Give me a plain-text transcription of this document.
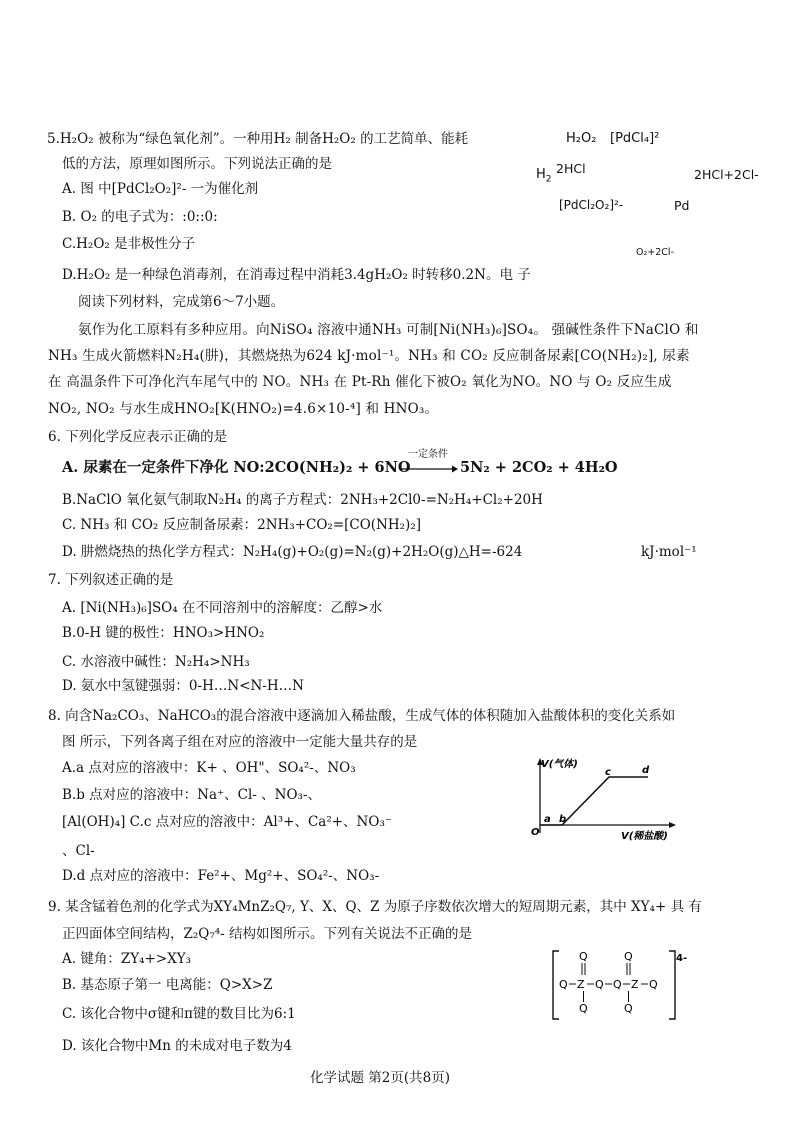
5.H₂O₂ 被称为“绿色氧化剂”。一种用H₂ 制备H₂O₂ 的工艺简单、能耗
低的方法，原理如图所示。下列说法正确的是
A. 图 中[PdCl₂O₂]²- 一为催化剂
B. O₂ 的电子式为：:0::0:
C.H₂O₂ 是非极性分子
D.H₂O₂ 是一种绿色消毒剂，在消毒过程中消耗3.4gH₂O₂ 时转移0.2N。电 子
H₂O₂ [PdCl₄]²
$H_2$
2HCl	2HCl+2Cl-
[PdCl₂O₂]²-	Pd
O₂+2Cl-
阅读下列材料，完成第6～7小题。
氨作为化工原料有多种应用。向NiSO₄ 溶液中通NH₃ 可制[Ni(NH₃)₆]SO₄。 强碱性条件下NaClO 和
NH₃ 生成火箭燃料N₂H₄(肼)，其燃烧热为624 kJ·mol⁻¹。NH₃ 和 CO₂ 反应制备尿素[CO(NH₂)₂], 尿素
在 高温条件下可净化汽车尾气中的 NO。NH₃ 在 Pt-Rh 催化下被O₂ 氧化为NO。NO 与 O₂ 反应生成
NO₂, NO₂ 与水生成HNO₂[K(HNO₂)=4.6×10-⁴] 和 HNO₃。
6. 下列化学反应表示正确的是
A. 尿素在一定条件下净化 NO:2CO(NH₂)₂ + 6NO
一定条件
5N₂ + 2CO₂ + 4H₂O
B.NaClO 氧化氨气制取N₂H₄ 的离子方程式：2NH₃+2Cl0-=N₂H₄+Cl₂+20H
C. NH₃ 和 CO₂ 反应制备尿素：2NH₃+CO₂=[CO(NH₂)₂]
D. 肼燃烧热的热化学方程式：N₂H₄(g)+O₂(g)=N₂(g)+2H₂O(g)△H=-624	kJ·mol⁻¹
7. 下列叙述正确的是
A. [Ni(NH₃)₆]SO₄ 在不同溶剂中的溶解度：乙醇>水
B.0-H 键的极性：HNO₃>HNO₂
C. 水溶液中碱性：N₂H₄>NH₃
D. 氨水中氢键强弱：0-H…N<N-H…N
8. 向含Na₂CO₃、NaHCO₃的混合溶液中逐滴加入稀盐酸，生成气体的体积随加入盐酸体积的变化关系如
图 所示，下列各离子组在对应的溶液中一定能大量共存的是
A.a 点对应的溶液中：K+ 、OH"、SO₄²-、NO₃
B.b 点对应的溶液中：Na⁺、Cl- 、NO₃-、
[Al(OH)₄] C.c 点对应的溶液中：Al³+、Ca²+、NO₃⁻
、Cl-
D.d 点对应的溶液中：Fe²+、Mg²+、SO₄²-、NO₃-
V(气体)
V(稀盐酸)
O
a b
c	d
9. 某含锰着色剂的化学式为XY₄MnZ₂Q₇, Y、X、Q、Z 为原子序数依次增大的短周期元素，其中 XY₄+ 具 有
正四面体空间结构，Z₂Q₇⁴- 结构如图所示。下列有关说法不正确的是
A. 键角：ZY₄+>XY₃
B. 基态原子第一 电离能：Q>X>Z
C. 该化合物中σ键和π键的数目比为6:1
D. 该化合物中Mn 的未成对电子数为4
4-
Q Z Q Q Z Q
Q
Q
Q
Q
化学试题 第2页(共8页)
